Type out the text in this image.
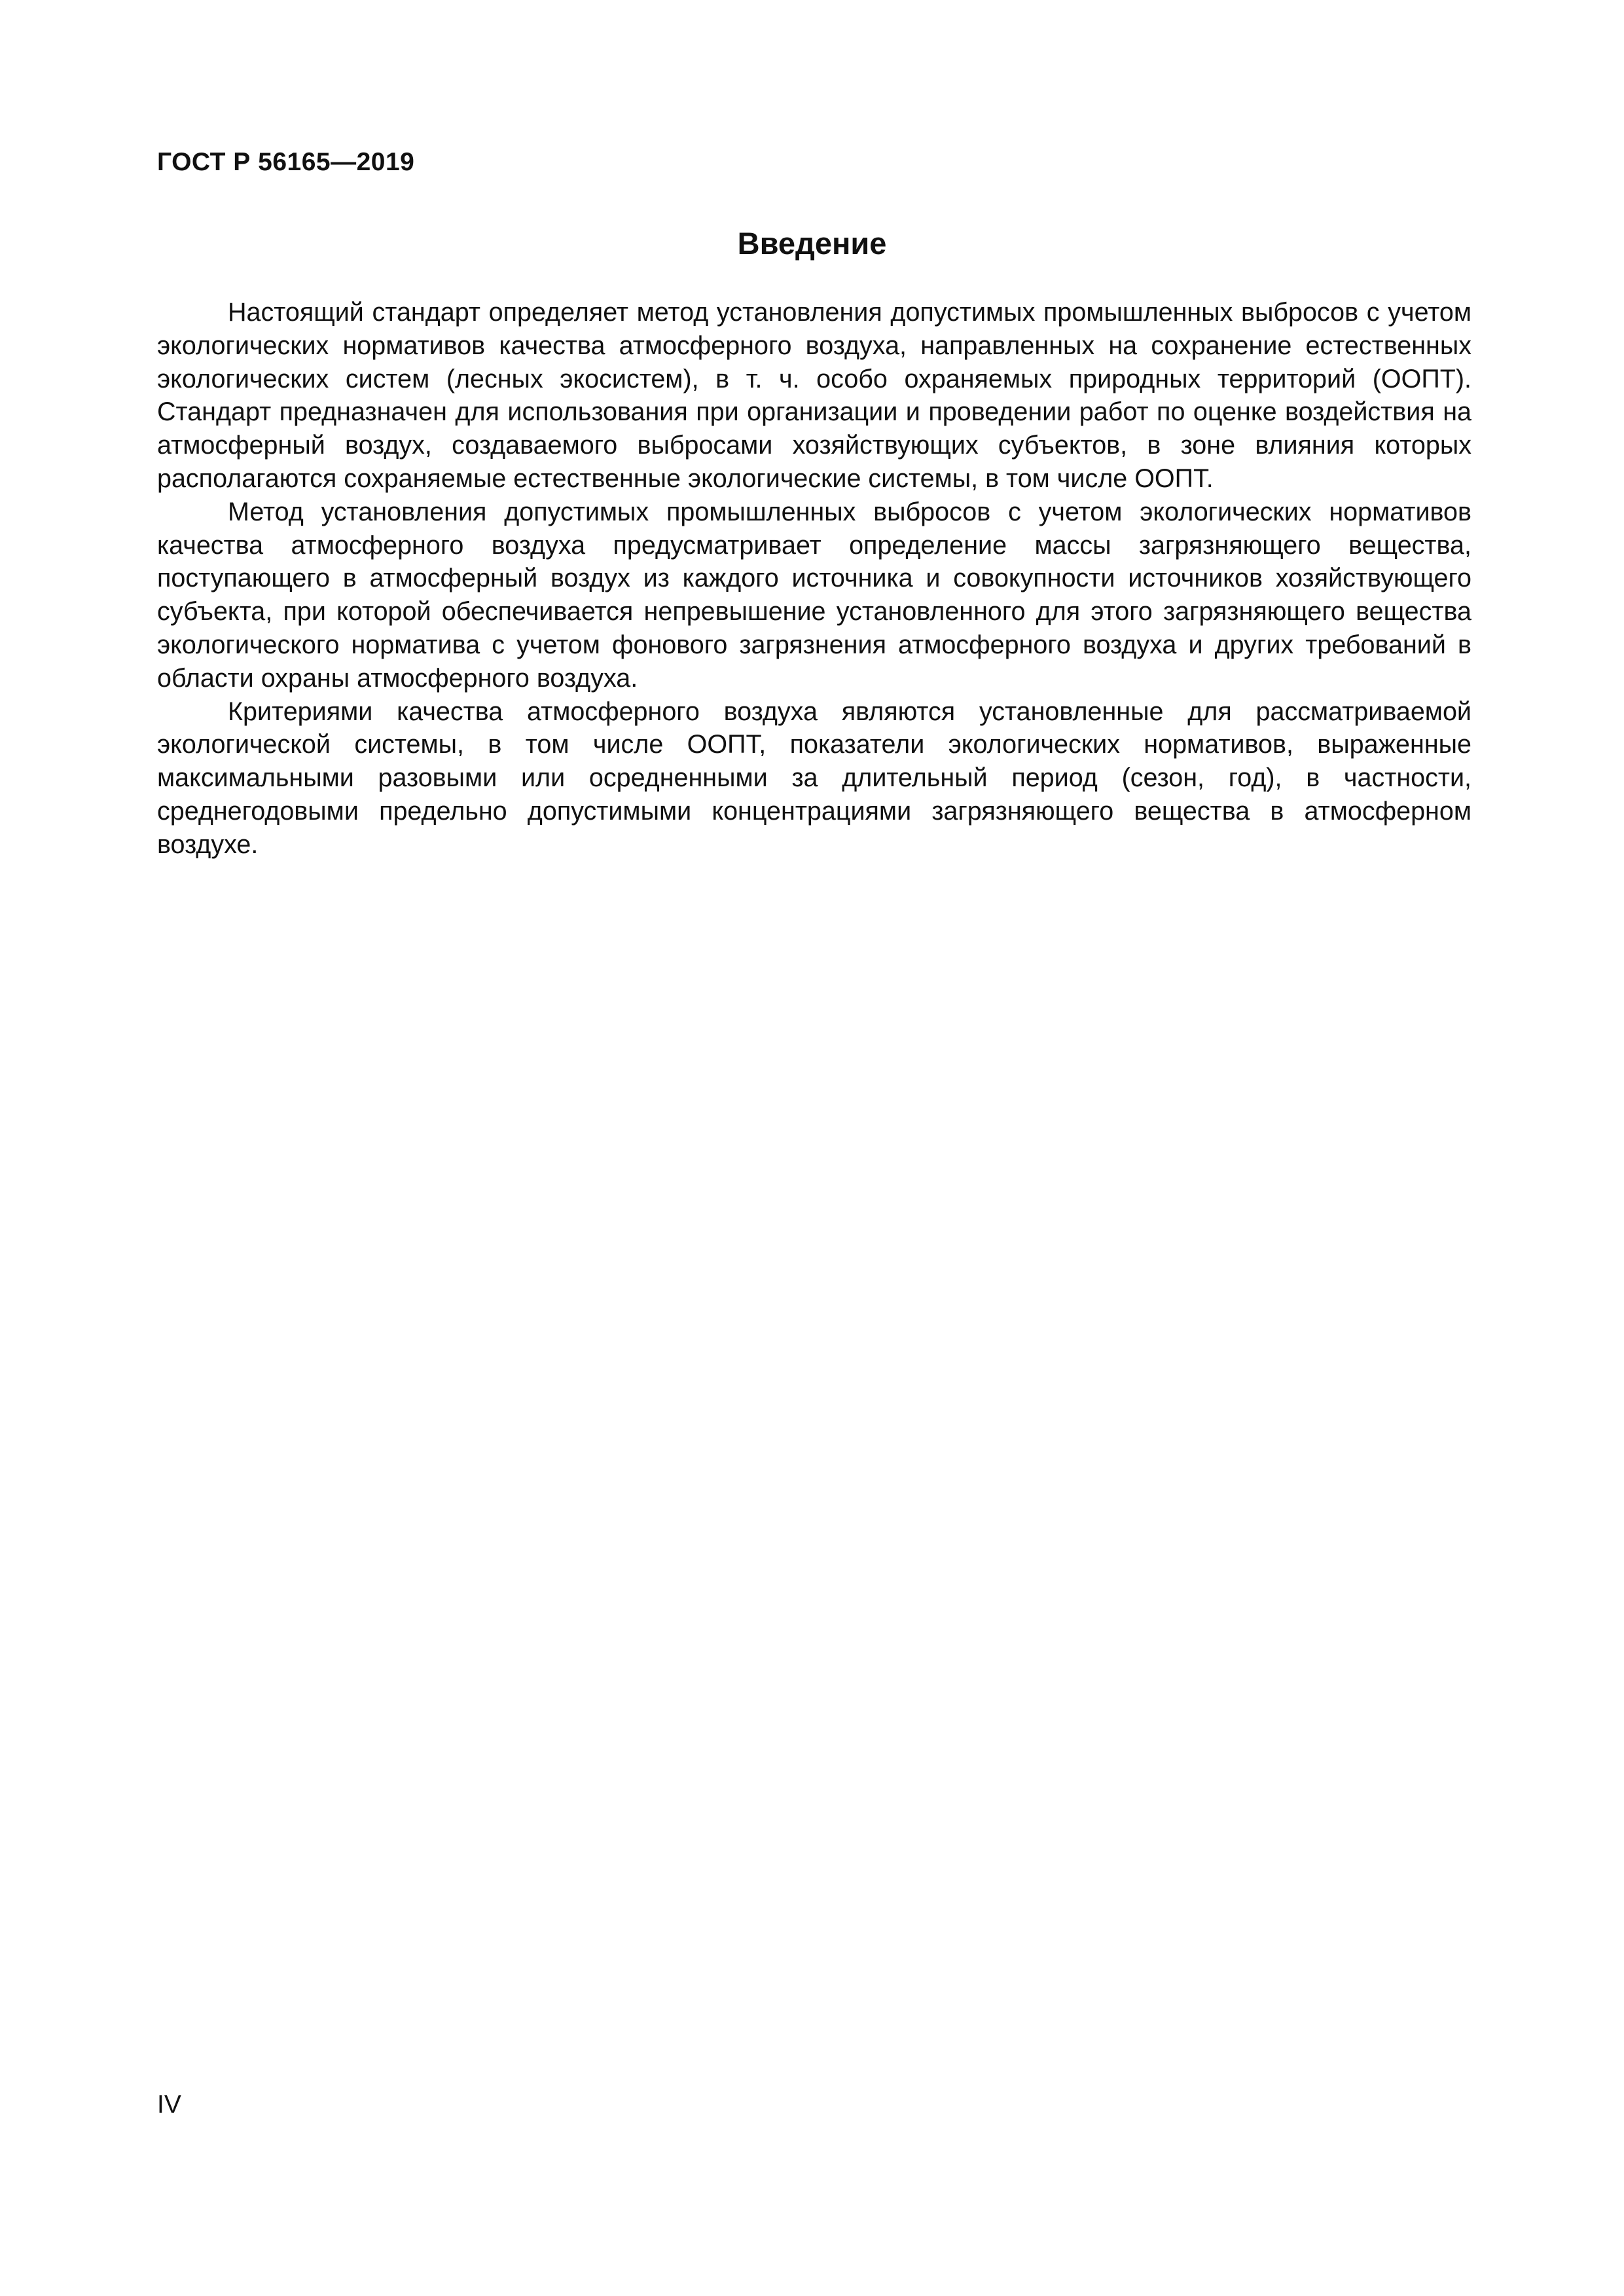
ГОСТ Р 56165—2019
Введение

Настоящий стандарт определяет метод установления допустимых промышленных выбросов с учетом экологических нормативов качества атмосферного воздуха, направленных на сохранение естественных экологических систем (лесных экосистем), в т. ч. особо охраняемых природных территорий (ООПТ). Стандарт предназначен для использования при организации и проведении работ по оценке воздействия на атмосферный воздух, создаваемого выбросами хозяйствующих субъектов, в зоне влияния которых располагаются сохраняемые естественные экологические системы, в том числе ООПТ.

Метод установления допустимых промышленных выбросов с учетом экологических нормативов качества атмосферного воздуха предусматривает определение массы загрязняющего вещества, поступающего в атмосферный воздух из каждого источника и совокупности источников хозяйствующего субъекта, при которой обеспечивается непревышение установленного для этого загрязняющего вещества экологического норматива с учетом фонового загрязнения атмосферного воздуха и других требований в области охраны атмосферного воздуха.

Критериями качества атмосферного воздуха являются установленные для рассматриваемой экологической системы, в том числе ООПТ, показатели экологических нормативов, выраженные максимальными разовыми или осредненными за длительный период (сезон, год), в частности, среднегодовыми предельно допустимыми концентрациями загрязняющего вещества в атмосферном воздухе.

IV
